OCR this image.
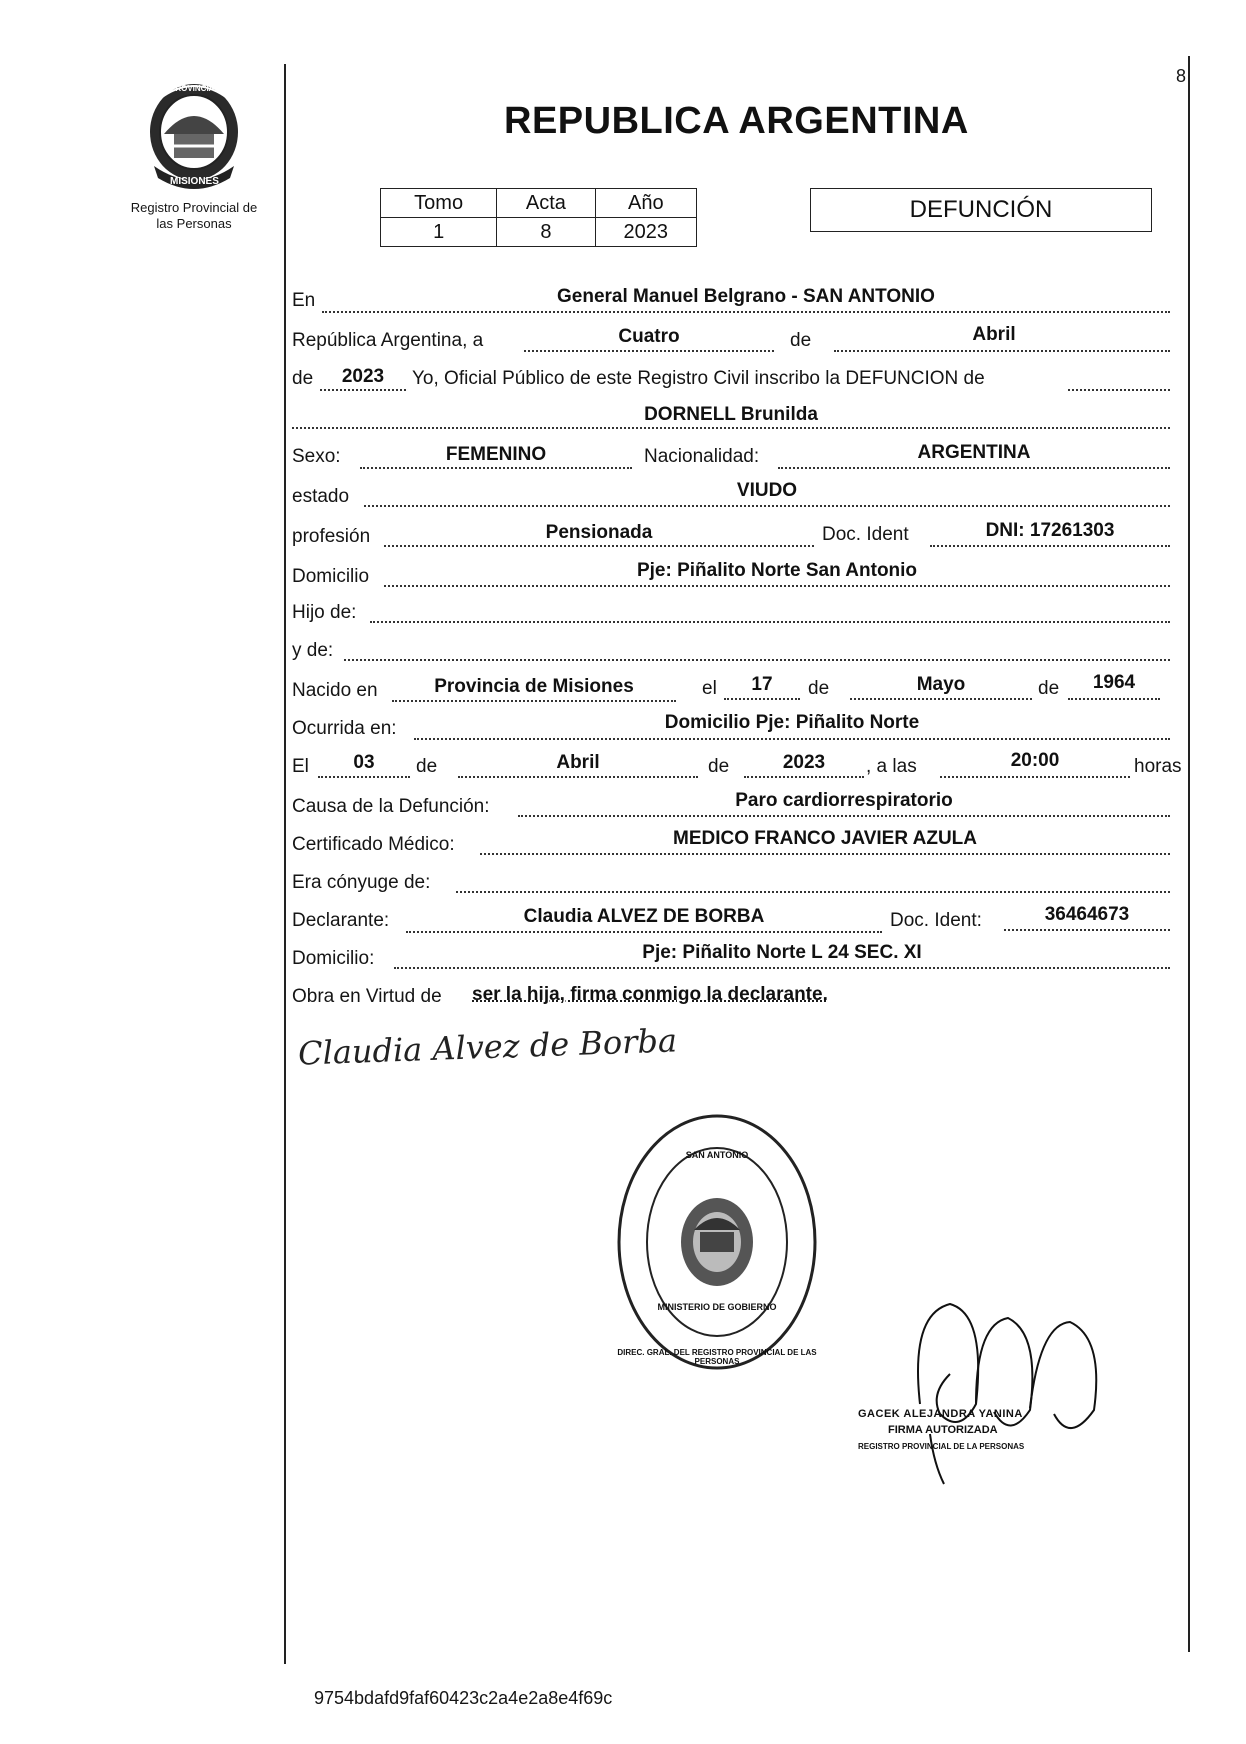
8
PROVINCIA DE
MISIONES
Registro Provincial de
las Personas
REPUBLICA ARGENTINA
Tomo	Acta	Año
1	8	2023
DEFUNCIÓN
En	General Manuel Belgrano - SAN ANTONIO
República Argentina, a	Cuatro	de	Abril
de	2023	Yo, Oficial Público de este Registro Civil inscribo la DEFUNCION de
DORNELL Brunilda
Sexo:	FEMENINO	Nacionalidad:	ARGENTINA
estado	VIUDO
profesión	Pensionada	Doc. Ident	DNI: 17261303
Domicilio	Pje: Piñalito Norte San Antonio
Hijo de:
y de:
Nacido en	Provincia de Misiones	el	17	de	Mayo	de	1964
Ocurrida en:	Domicilio Pje: Piñalito Norte
El	03	de	Abril	de	2023	, a las	20:00	horas
Causa de la Defunción:	Paro cardiorrespiratorio
Certificado Médico:	MEDICO FRANCO JAVIER AZULA
Era cónyuge de:
Declarante:	Claudia ALVEZ DE BORBA	Doc. Ident:	36464673
Domicilio:	Pje: Piñalito Norte L 24 SEC. XI
Obra en Virtud de ser la hija, firma conmigo la declarante.
Claudia Alvez de Borba
DIREC. GRAL. DEL REGISTRO PROVINCIAL DE LAS PERSONAS
SAN ANTONIO
MINISTERIO DE GOBIERNO
GACEK ALEJANDRA YANINA
FIRMA AUTORIZADA
REGISTRO PROVINCIAL DE LA PERSONAS
9754bdafd9faf60423c2a4e2a8e4f69c
